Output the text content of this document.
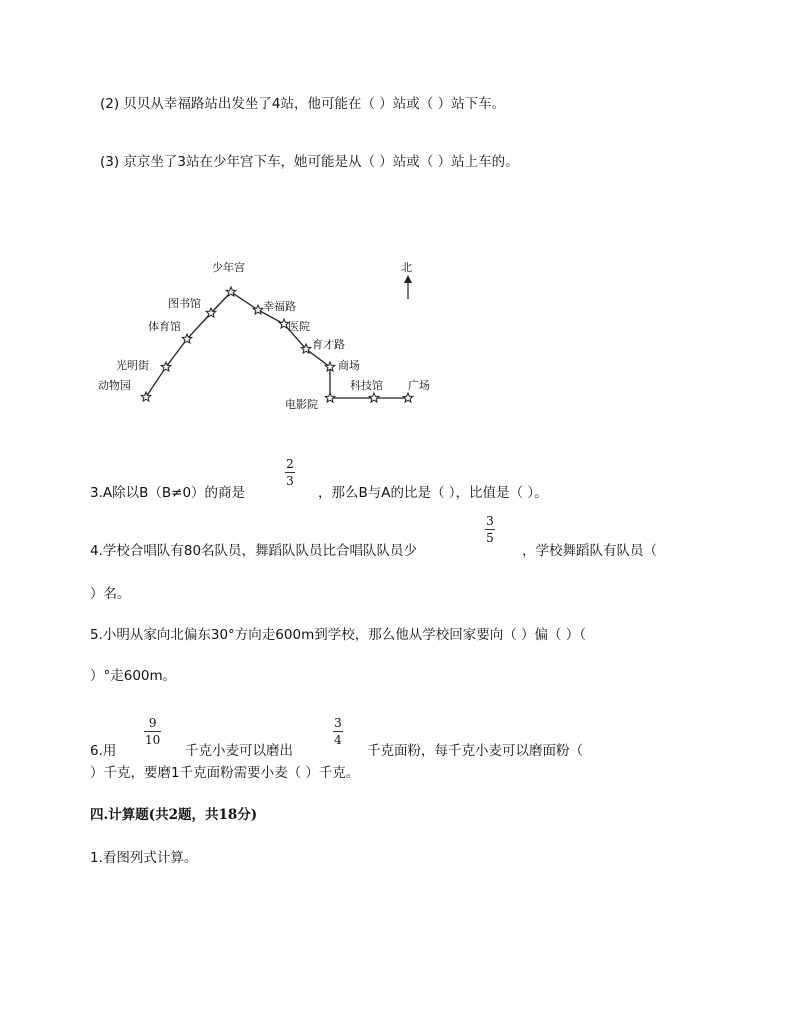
(2) 贝贝从幸福路站出发坐了4站，他可能在（ ）站或（ ）站下车。
(3) 京京坐了3站在少年宫下车，她可能是从（ ）站或（ ）站上车的。
少年宫
图书馆	幸福路
体育馆	医院
育才路
光明街	商场
动物园	科技馆 广场
电影院
北
3.A除以B（B≠0）的商是
2
3
，那么B与A的比是（ ），比值是（ ）。
4.学校合唱队有80名队员，舞蹈队队员比合唱队队员少
3
5
，学校舞蹈队有队员（
）名。
5.小明从家向北偏东30°方向走600m到学校，那么他从学校回家要向（ ）偏（ ）（
）°走600m。
6.用
9
10
千克小麦可以磨出
3
4
千克面粉，每千克小麦可以磨面粉（
）千克，要磨1千克面粉需要小麦（ ）千克。
四.计算题(共2题，共18分)
1.看图列式计算。
